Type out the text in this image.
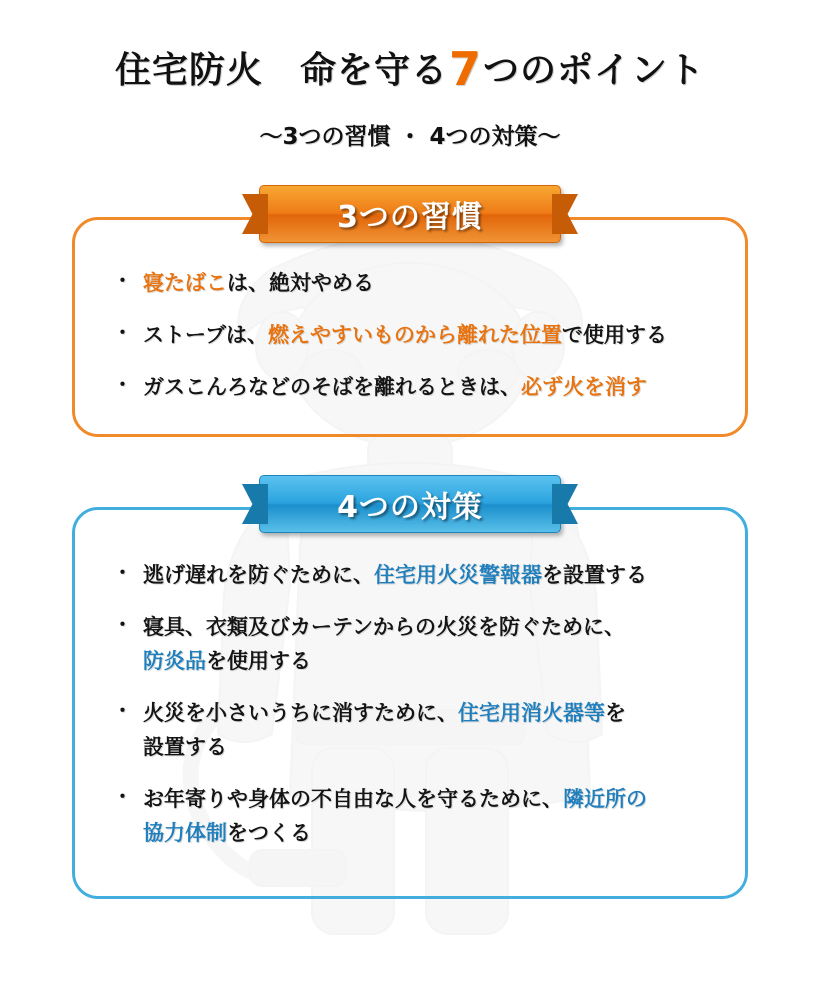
住宅防火　命を守る7つのポイント
〜3つの習慣 ・ 4つの対策〜
3つの習慣
・ 寝たばこは、絶対やめる
・ ストーブは、燃えやすいものから離れた位置で使用する
・ ガスこんろなどのそばを離れるときは、必ず火を消す
4つの対策
・ 逃げ遅れを防ぐために、住宅用火災警報器を設置する
・ 寝具、衣類及びカーテンからの火災を防ぐために、
防炎品を使用する
・ 火災を小さいうちに消すために、住宅用消火器等を
設置する
・ お年寄りや身体の不自由な人を守るために、隣近所の
協力体制をつくる
